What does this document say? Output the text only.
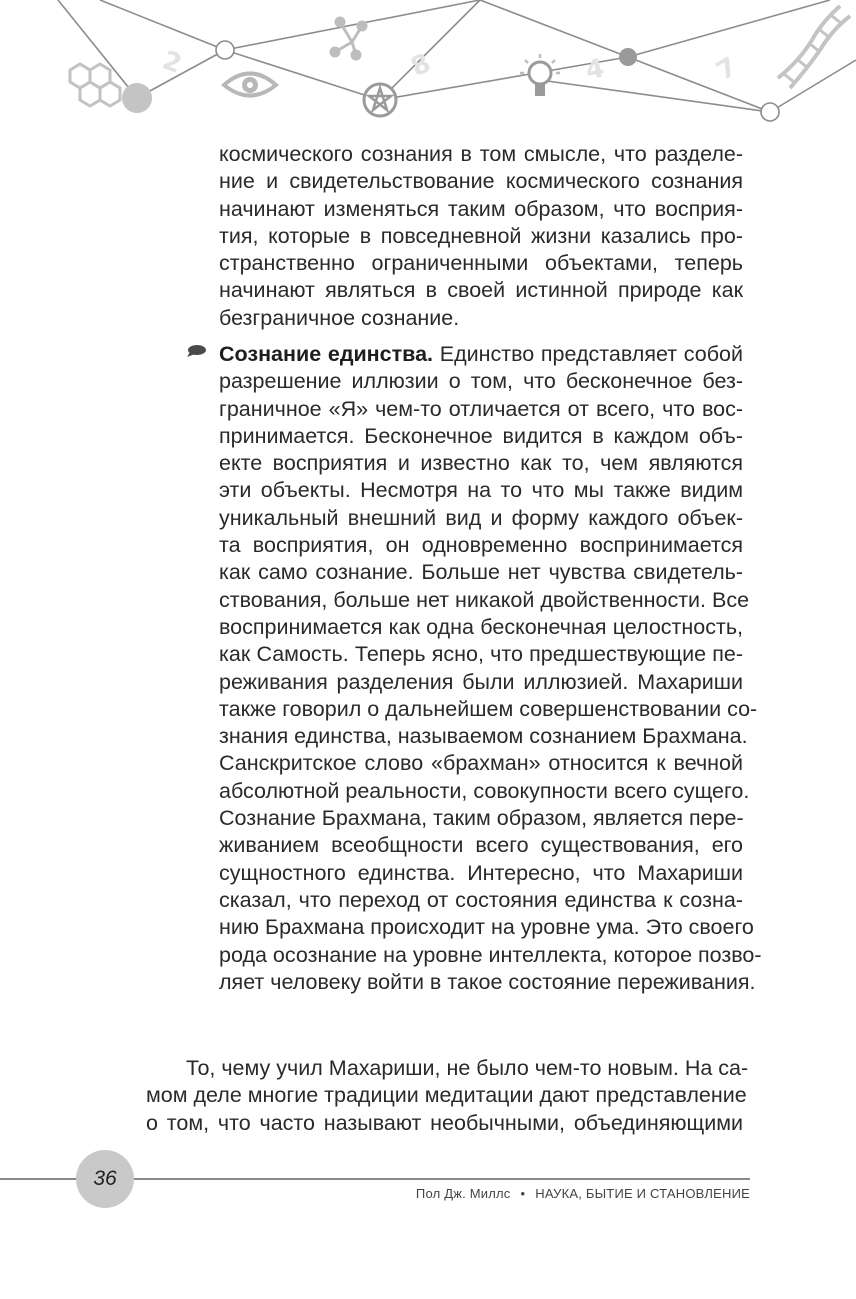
2	8	4	7
космического сознания в том смысле, что разделе-
ние и свидетельствование космического сознания
начинают изменяться таким образом, что восприя-
тия, которые в повседневной жизни казались про-
странственно ограниченными объектами, теперь
начинают являться в своей истинной природе как
безграничное сознание.
Сознание единства. Единство представляет собой
разрешение иллюзии о том, что бесконечное без-
граничное «Я» чем-то отличается от всего, что вос-
принимается. Бесконечное видится в каждом объ-
екте восприятия и известно как то, чем являются
эти объекты. Несмотря на то что мы также видим
уникальный внешний вид и форму каждого объек-
та восприятия, он одновременно воспринимается
как само сознание. Больше нет чувства свидетель-
ствования, больше нет никакой двойственности. Все
воспринимается как одна бесконечная целостность,
как Самость. Теперь ясно, что предшествующие пе-
реживания разделения были иллюзией. Махариши
также говорил о дальнейшем совершенствовании со-
знания единства, называемом сознанием Брахмана.
Санскритское слово «брахман» относится к вечной
абсолютной реальности, совокупности всего сущего.
Сознание Брахмана, таким образом, является пере-
живанием всеобщности всего существования, его
сущностного единства. Интересно, что Махариши
сказал, что переход от состояния единства к созна-
нию Брахмана происходит на уровне ума. Это своего
рода осознание на уровне интеллекта, которое позво-
ляет человеку войти в такое состояние переживания.
То, чему учил Махариши, не было чем-то новым. На са-
мом деле многие традиции медитации дают представление
о том, что часто называют необычными, объединяющими
36
Пол Дж. Миллс • НАУКА, БЫТИЕ И СТАНОВЛЕНИЕ
